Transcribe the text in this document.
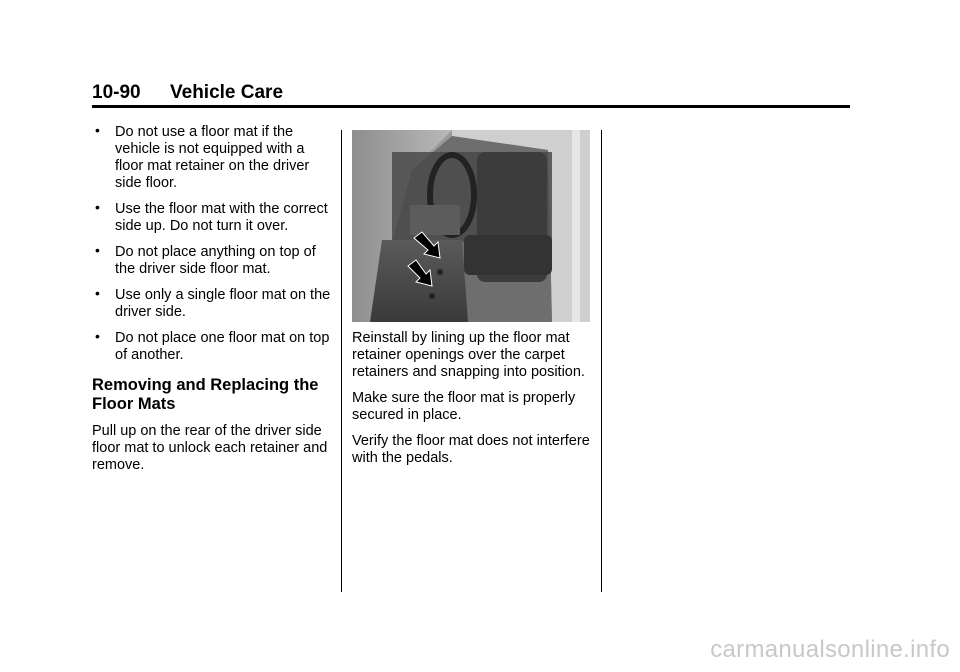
10-90 Vehicle Care
• Do not use a floor mat if the vehicle is not equipped with a floor mat retainer on the driver side floor.
• Use the floor mat with the correct side up. Do not turn it over.
• Do not place anything on top of the driver side floor mat.
• Use only a single floor mat on the driver side.
• Do not place one floor mat on top of another.
Removing and Replacing the Floor Mats

Pull up on the rear of the driver side floor mat to unlock each retainer and remove.

Reinstall by lining up the floor mat retainer openings over the carpet retainers and snapping into position.

Make sure the floor mat is properly secured in place.

Verify the floor mat does not interfere with the pedals.

carmanualsonline.info
